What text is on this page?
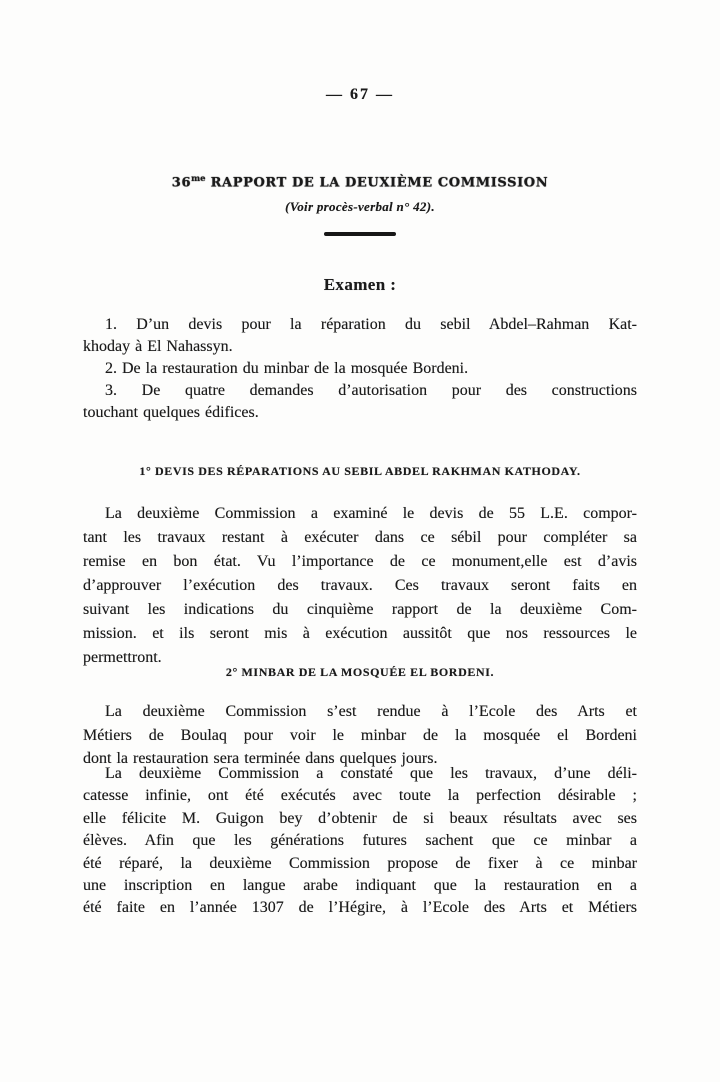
— 67 —
$36^{me}$ RAPPORT DE LA DEUXIÈME COMMISSION
(Voir procès-verbal n° 42).
Examen :
1. D’un devis pour la réparation du sebil Abdel–Rahman Kat-
khoday à El Nahassyn.
2. De la restauration du minbar de la mosquée Bordeni.
3. De quatre demandes d’autorisation pour des constructions
touchant quelques édifices.
1° DEVIS DES RÉPARATIONS AU SEBIL ABDEL RAKHMAN KATHODAY.
La deuxième Commission a examiné le devis de 55 L.E. compor-
tant les travaux restant à exécuter dans ce sébil pour compléter sa
remise en bon état. Vu l’importance de ce monument,elle est d’avis
d’approuver l’exécution des travaux. Ces travaux seront faits en
suivant les indications du cinquième rapport de la deuxième Com-
mission. et ils seront mis à exécution aussitôt que nos ressources le
permettront.
2° MINBAR DE LA MOSQUÉE EL BORDENI.
La deuxième Commission s’est rendue à l’Ecole des Arts et
Métiers de Boulaq pour voir le minbar de la mosquée el Bordeni
dont la restauration sera terminée dans quelques jours.
La deuxième Commission a constaté que les travaux, d’une déli-
catesse infinie, ont été exécutés avec toute la perfection désirable ;
elle félicite M. Guigon bey d’obtenir de si beaux résultats avec ses
élèves. Afin que les générations futures sachent que ce minbar a
été réparé, la deuxième Commission propose de fixer à ce minbar
une inscription en langue arabe indiquant que la restauration en a
été faite en l’année 1307 de l’Hégire, à l’Ecole des Arts et Métiers
